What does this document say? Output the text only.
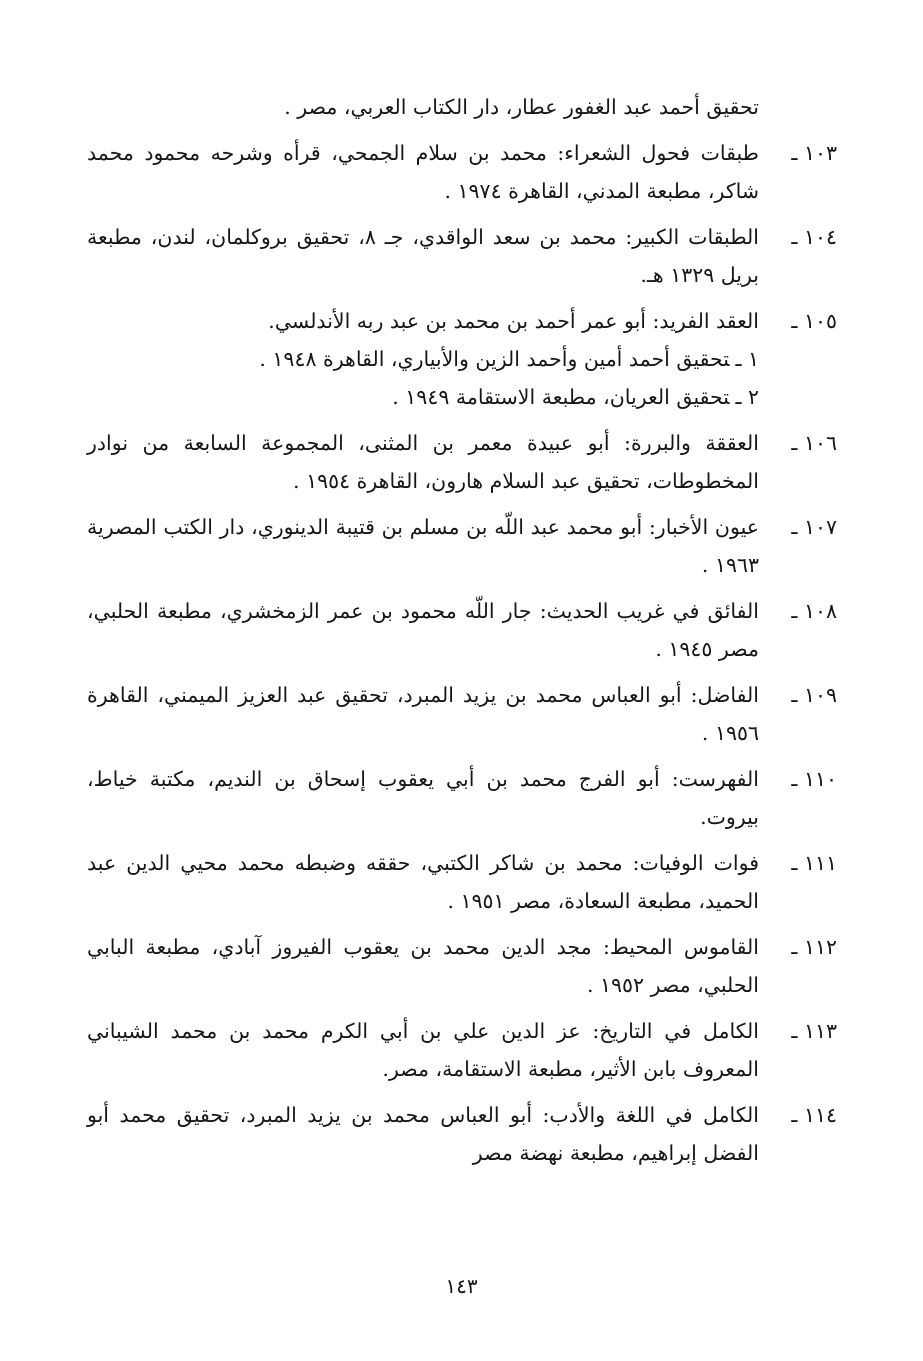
تحقيق أحمد عبد الغفور عطار، دار الكتاب العربي، مصر .
١٠٣ ـ
طبقات فحول الشعراء: محمد بن سلام الجمحي، قرأه وشرحه محمود محمد شاكر، مطبعة المدني، القاهرة ١٩٧٤ .
١٠٤ ـ
الطبقات الكبير: محمد بن سعد الواقدي، جـ ٨، تحقيق بروكلمان، لندن، مطبعة بريل ١٣٢٩ هـ.
١٠٥ ـ
العقد الفريد: أبو عمر أحمد بن محمد بن عبد ربه الأندلسي.
١ ـتحقيق أحمد أمين وأحمد الزين والأبياري، القاهرة ١٩٤٨ .
٢ ـتحقيق العريان، مطبعة الاستقامة ١٩٤٩ .
١٠٦ ـ
العققة والبررة: أبو عبيدة معمر بن المثنى، المجموعة السابعة من نوادر المخطوطات، تحقيق عبد السلام هارون، القاهرة ١٩٥٤ .
١٠٧ ـ
عيون الأخبار: أبو محمد عبد اللّه بن مسلم بن قتيبة الدينوري، دار الكتب المصرية ١٩٦٣ .
١٠٨ ـ
الفائق في غريب الحديث: جار اللّه محمود بن عمر الزمخشري، مطبعة الحلبي، مصر ١٩٤٥ .
١٠٩ ـ
الفاضل: أبو العباس محمد بن يزيد المبرد، تحقيق عبد العزيز الميمني، القاهرة ١٩٥٦ .
١١٠ ـ
الفهرست: أبو الفرج محمد بن أبي يعقوب إسحاق بن النديم، مكتبة خياط، بيروت.
١١١ ـ
فوات الوفيات: محمد بن شاكر الكتبي، حققه وضبطه محمد محيي الدين عبد الحميد، مطبعة السعادة، مصر ١٩٥١ .
١١٢ ـ
القاموس المحيط: مجد الدين محمد بن يعقوب الفيروز آبادي، مطبعة البابي الحلبي، مصر ١٩٥٢ .
١١٣ ـ
الكامل في التاريخ: عز الدين علي بن أبي الكرم محمد بن محمد الشيباني المعروف بابن الأثير، مطبعة الاستقامة، مصر.
١١٤ ـ
الكامل في اللغة والأدب: أبو العباس محمد بن يزيد المبرد، تحقيق محمد أبو الفضل إبراهيم، مطبعة نهضة مصر
١٤٣
